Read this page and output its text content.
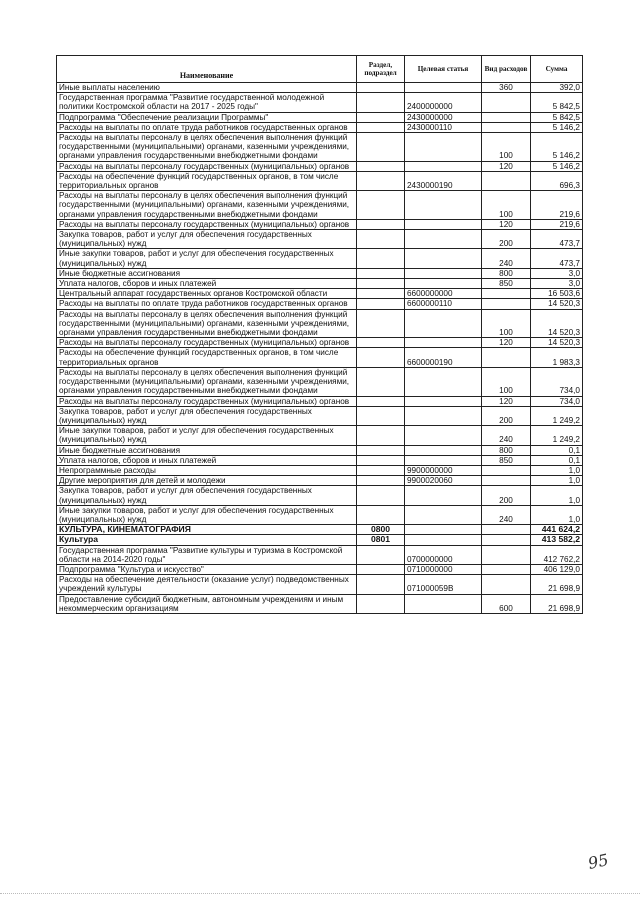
Наименование	Раздел, подраздел	Целевая статья	Вид расходов	Сумма
Иные выплаты населению			360	392,0
Государственная программа "Развитие государственной молодежной политики Костромской области на 2017 - 2025 годы"		2400000000		5 842,5
Подпрограмма "Обеспечение реализации Программы"		2430000000		5 842,5
Расходы на выплаты по оплате труда работников государственных органов		2430000110		5 146,2
Расходы на выплаты персоналу в целях обеспечения выполнения функций государственными (муниципальными) органами, казенными учреждениями, органами управления государственными внебюджетными фондами			100	5 146,2
Расходы на выплаты персоналу государственных (муниципальных) органов			120	5 146,2
Расходы на обеспечение функций государственных органов, в том числе территориальных органов		2430000190		696,3
Расходы на выплаты персоналу в целях обеспечения выполнения функций государственными (муниципальными) органами, казенными учреждениями, органами управления государственными внебюджетными фондами			100	219,6
Расходы на выплаты персоналу государственных (муниципальных) органов			120	219,6
Закупка товаров, работ и услуг для обеспечения государственных (муниципальных) нужд			200	473,7
Иные закупки товаров, работ и услуг для обеспечения государственных (муниципальных) нужд			240	473,7
Иные бюджетные ассигнования			800	3,0
Уплата налогов, сборов и иных платежей			850	3,0
Центральный аппарат государственных органов Костромской области		6600000000		16 503,6
Расходы на выплаты по оплате труда работников государственных органов		6600000110		14 520,3
Расходы на выплаты персоналу в целях обеспечения выполнения функций государственными (муниципальными) органами, казенными учреждениями, органами управления государственными внебюджетными фондами			100	14 520,3
Расходы на выплаты персоналу государственных (муниципальных) органов			120	14 520,3
Расходы на обеспечение функций государственных органов, в том числе территориальных органов		6600000190		1 983,3
Расходы на выплаты персоналу в целях обеспечения выполнения функций государственными (муниципальными) органами, казенными учреждениями, органами управления государственными внебюджетными фондами			100	734,0
Расходы на выплаты персоналу государственных (муниципальных) органов			120	734,0
Закупка товаров, работ и услуг для обеспечения государственных (муниципальных) нужд			200	1 249,2
Иные закупки товаров, работ и услуг для обеспечения государственных (муниципальных) нужд			240	1 249,2
Иные бюджетные ассигнования			800	0,1
Уплата налогов, сборов и иных платежей			850	0,1
Непрограммные расходы		9900000000		1,0
Другие мероприятия для детей и молодежи		9900020060		1,0
Закупка товаров, работ и услуг для обеспечения государственных (муниципальных) нужд			200	1,0
Иные закупки товаров, работ и услуг для обеспечения государственных (муниципальных) нужд			240	1,0
КУЛЬТУРА, КИНЕМАТОГРАФИЯ	0800			441 624,2
Культура	0801			413 582,2
Государственная программа "Развитие культуры и туризма в Костромской области на 2014-2020 годы"		0700000000		412 762,2
Подпрограмма "Культура и искусство"		0710000000		406 129,0
Расходы на обеспечение деятельности (оказание услуг) подведомственных учреждений культуры		071000059В		21 698,9
Предоставление субсидий бюджетным, автономным учреждениям и иным некоммерческим организациям			600	21 698,9
95
